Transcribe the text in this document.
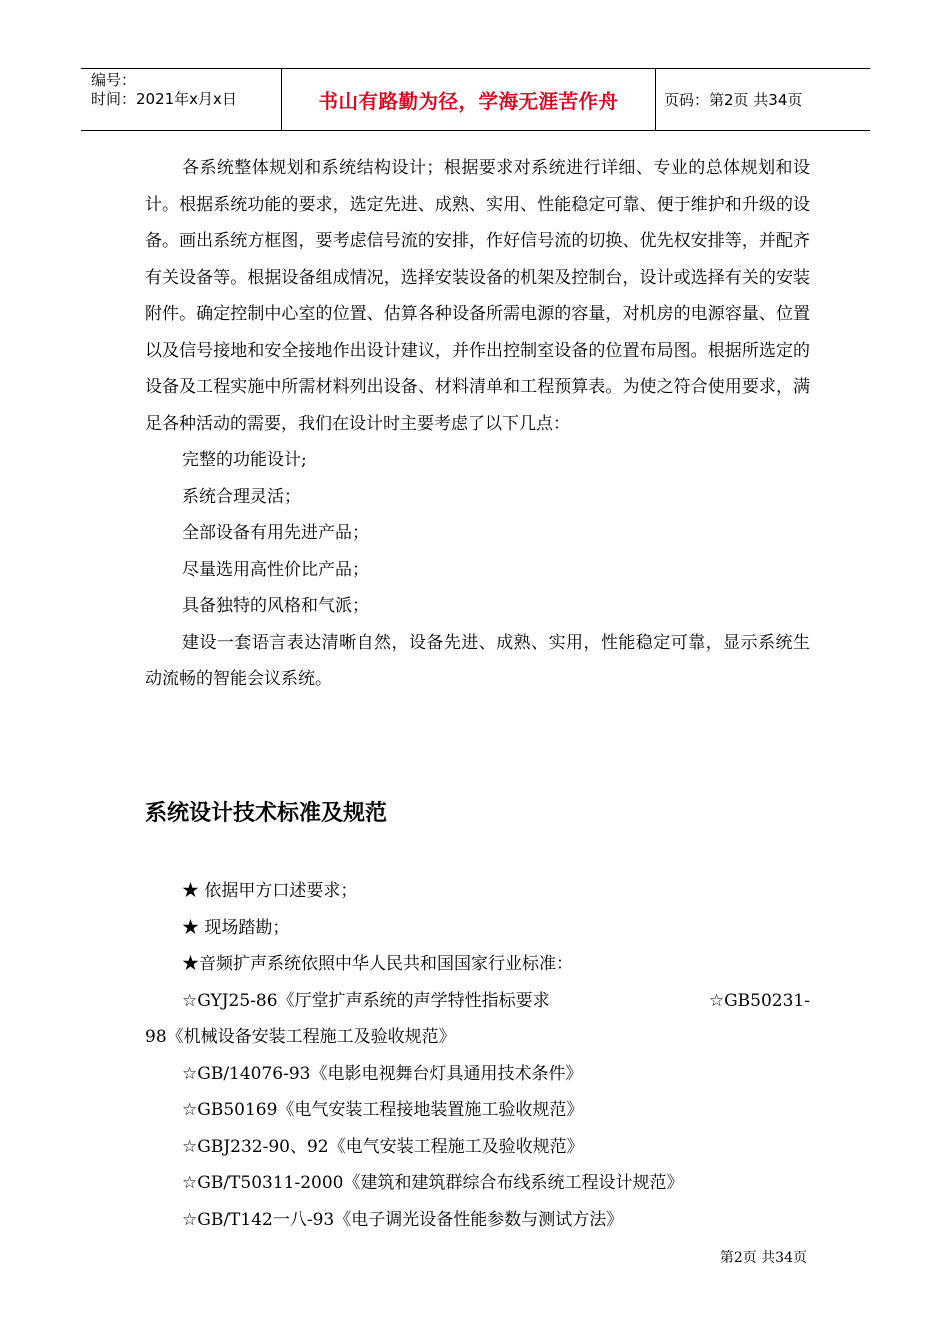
编号：
时间：2021年x月x日	书山有路勤为径，学海无涯苦作舟	页码：第2页 共34页

各系统整体规划和系统结构设计；根据要求对系统进行详细、专业的总体规划和设计。根据系统功能的要求，选定先进、成熟、实用、性能稳定可靠、便于维护和升级的设备。画出系统方框图，要考虑信号流的安排，作好信号流的切换、优先权安排等，并配齐有关设备等。根据设备组成情况，选择安装设备的机架及控制台，设计或选择有关的安装附件。确定控制中心室的位置、估算各种设备所需电源的容量，对机房的电源容量、位置以及信号接地和安全接地作出设计建议，并作出控制室设备的位置布局图。根据所选定的设备及工程实施中所需材料列出设备、材料清单和工程预算表。为使之符合使用要求，满足各种活动的需要，我们在设计时主要考虑了以下几点：

完整的功能设计;

系统合理灵活；

全部设备有用先进产品；

尽量选用高性价比产品；

具备独特的风格和气派；

建设一套语言表达清晰自然，设备先进、成熟、实用，性能稳定可靠，显示系统生动流畅的智能会议系统。

系统设计技术标准及规范

★ 依据甲方口述要求；

★ 现场踏勘；

★音频扩声系统依照中华人民共和国国家行业标准：

☆GYJ25-86《厅堂扩声系统的声学特性指标要求	☆GB50231-

98《机械设备安装工程施工及验收规范》

☆GB/14076-93《电影电视舞台灯具通用技术条件》

☆GB50169《电气安装工程接地装置施工验收规范》

☆GBJ232-90、92《电气安装工程施工及验收规范》

☆GB/T50311-2000《建筑和建筑群综合布线系统工程设计规范》

☆GB/T142一八-93《电子调光设备性能参数与测试方法》

第2页 共34页
